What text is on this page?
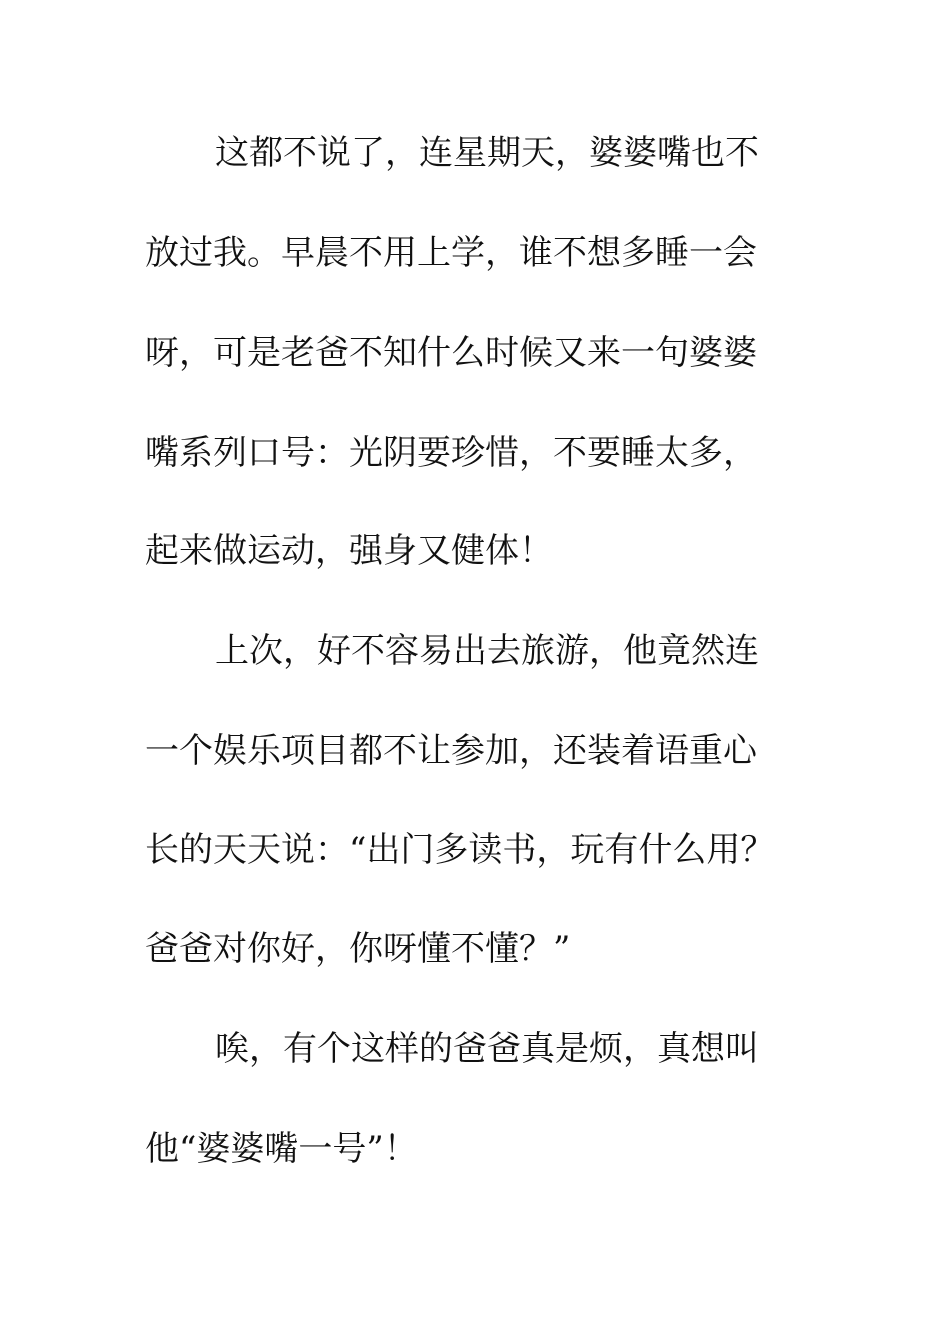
这都不说了，连星期天，婆婆嘴也不
放过我。早晨不用上学，谁不想多睡一会
呀，可是老爸不知什么时候又来一句婆婆
嘴系列口号：光阴要珍惜，不要睡太多，
起来做运动，强身又健体！
上次，好不容易出去旅游，他竟然连
一个娱乐项目都不让参加，还装着语重心
长的天天说：“出门多读书，玩有什么用？
爸爸对你好，你呀懂不懂？”
唉，有个这样的爸爸真是烦，真想叫
他“婆婆嘴一号”！
